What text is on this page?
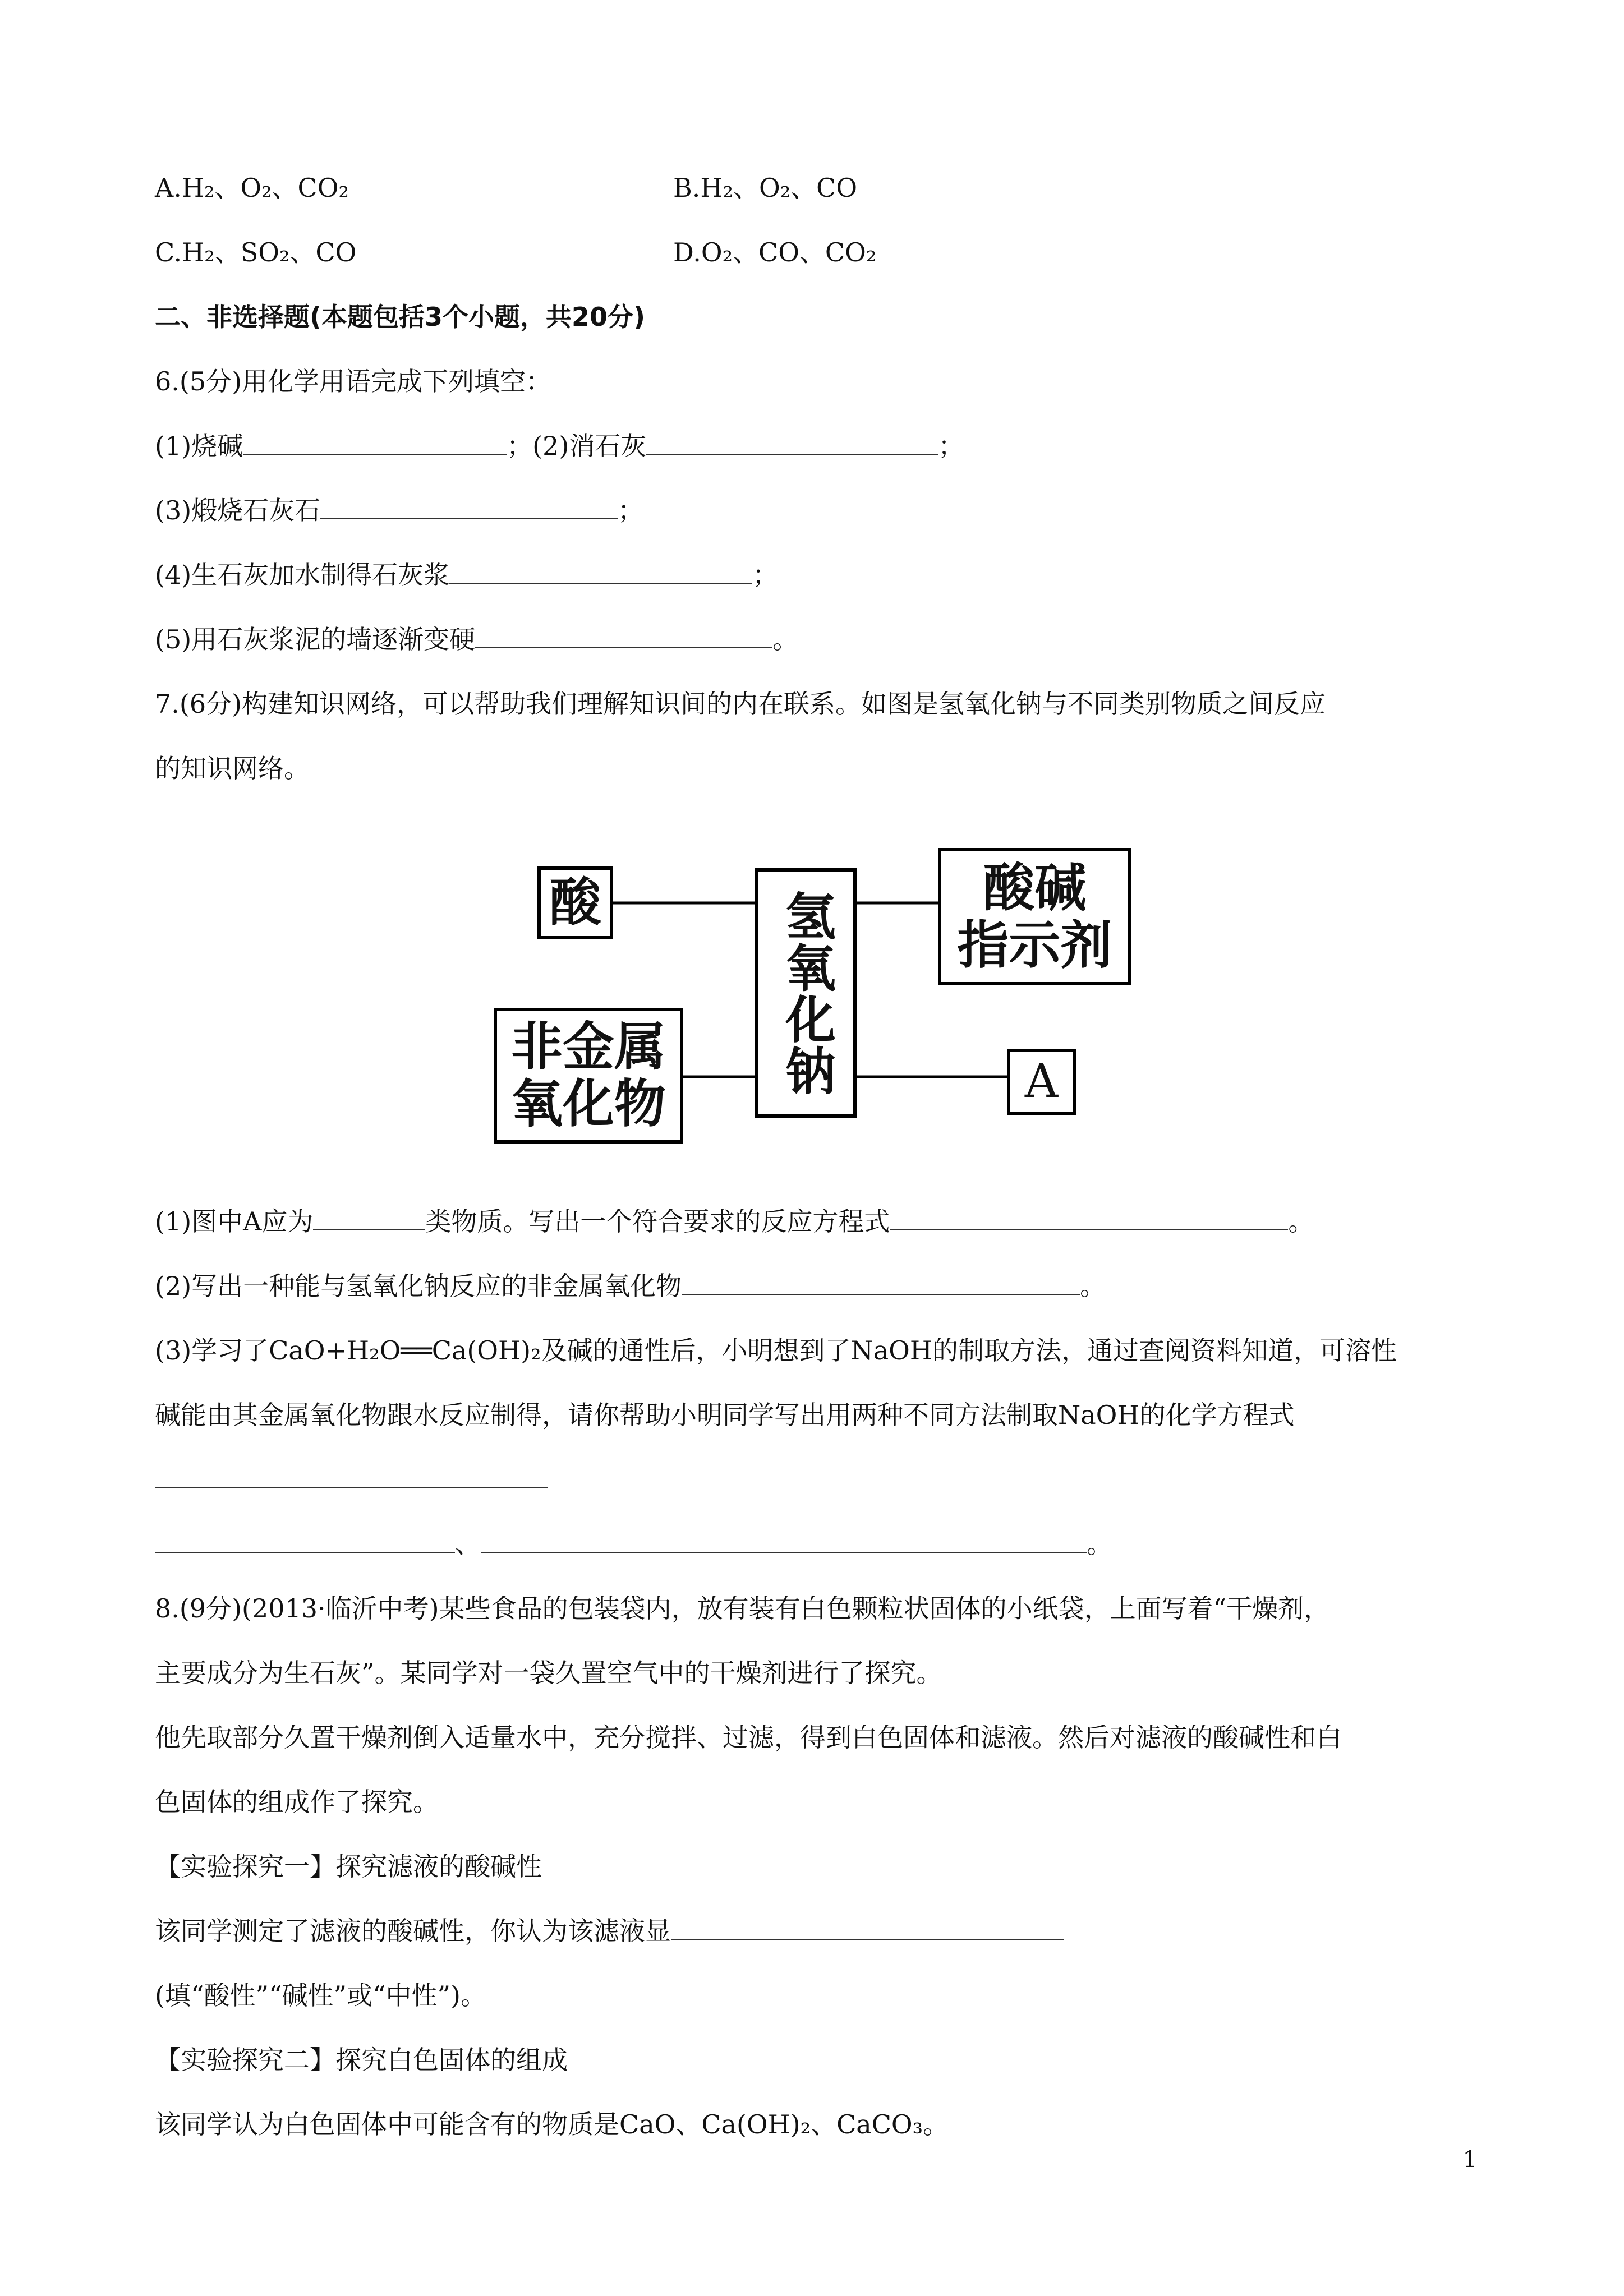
A.H₂、O₂、CO₂	B.H₂、O₂、CO
C.H₂、SO₂、CO	D.O₂、CO、CO₂
二、非选择题(本题包括3个小题，共20分)
6.(5分)用化学用语完成下列填空：
(1)烧碱	；(2)消石灰	；
(3)煅烧石灰石	；
(4)生石灰加水制得石灰浆	；
(5)用石灰浆泥的墙逐渐变硬	。
7.(6分)构建知识网络，可以帮助我们理解知识间的内在联系。如图是氢氧化钠与不同类别物质之间反应
的知识网络。
酸	氢氧化钠
酸碱
指示剂
非金属
氧化物	A
(1)图中A应为	类物质。写出一个符合要求的反应方程式	。
(2)写出一种能与氢氧化钠反应的非金属氧化物	。
(3)学习了CaO+H₂O══Ca(OH)₂及碱的通性后，小明想到了NaOH的制取方法，通过查阅资料知道，可溶性
碱能由其金属氧化物跟水反应制得，请你帮助小明同学写出用两种不同方法制取NaOH的化学方程式
、	。
8.(9分)(2013·临沂中考)某些食品的包装袋内，放有装有白色颗粒状固体的小纸袋，上面写着“干燥剂，
主要成分为生石灰”。某同学对一袋久置空气中的干燥剂进行了探究。
他先取部分久置干燥剂倒入适量水中，充分搅拌、过滤，得到白色固体和滤液。然后对滤液的酸碱性和白
色固体的组成作了探究。
【实验探究一】探究滤液的酸碱性
该同学测定了滤液的酸碱性，你认为该滤液显
(填“酸性”“碱性”或“中性”)。
【实验探究二】探究白色固体的组成
该同学认为白色固体中可能含有的物质是CaO、Ca(OH)₂、CaCO₃。
1
